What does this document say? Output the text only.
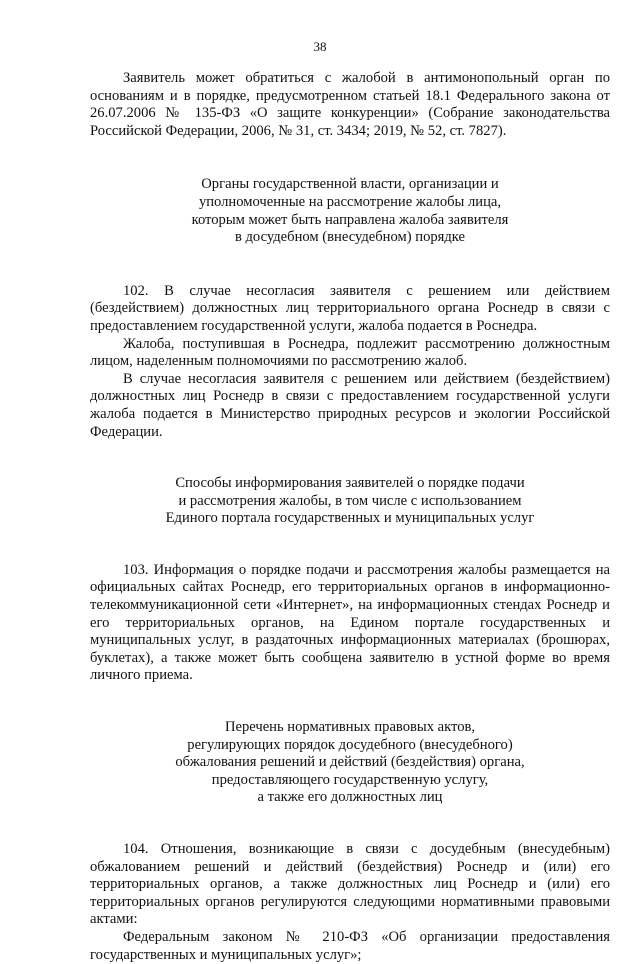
38

Заявитель может обратиться с жалобой в антимонопольный орган по основаниям и в порядке, предусмотренном статьей 18.1 Федерального закона от 26.07.2006 № 135-ФЗ «О защите конкуренции» (Собрание законодательства Российской Федерации, 2006, № 31, ст. 3434; 2019, № 52, ст. 7827).

Органы государственной власти, организации и
уполномоченные на рассмотрение жалобы лица,
которым может быть направлена жалоба заявителя
в досудебном (внесудебном) порядке

102. В случае несогласия заявителя с решением или действием (бездействием) должностных лиц территориального органа Роснедр в связи с предоставлением государственной услуги, жалоба подается в Роснедра.

Жалоба, поступившая в Роснедра, подлежит рассмотрению должностным лицом, наделенным полномочиями по рассмотрению жалоб.

В случае несогласия заявителя с решением или действием (бездействием) должностных лиц Роснедр в связи с предоставлением государственной услуги жалоба подается в Министерство природных ресурсов и экологии Российской Федерации.

Способы информирования заявителей о порядке подачи
и рассмотрения жалобы, в том числе с использованием
Единого портала государственных и муниципальных услуг

103. Информация о порядке подачи и рассмотрения жалобы размещается на официальных сайтах Роснедр, его территориальных органов в информационно-телекоммуникационной сети «Интернет», на информационных стендах Роснедр и его территориальных органов, на Едином портале государственных и муниципальных услуг, в раздаточных информационных материалах (брошюрах, буклетах), а также может быть сообщена заявителю в устной форме во время личного приема.

Перечень нормативных правовых актов,
регулирующих порядок досудебного (внесудебного)
обжалования решений и действий (бездействия) органа,
предоставляющего государственную услугу,
а также его должностных лиц

104. Отношения, возникающие в связи с досудебным (внесудебным) обжалованием решений и действий (бездействия) Роснедр и (или) его территориальных органов, а также должностных лиц Роснедр и (или) его территориальных органов регулируются следующими нормативными правовыми актами:

Федеральным законом № 210-ФЗ «Об организации предоставления государственных и муниципальных услуг»;
